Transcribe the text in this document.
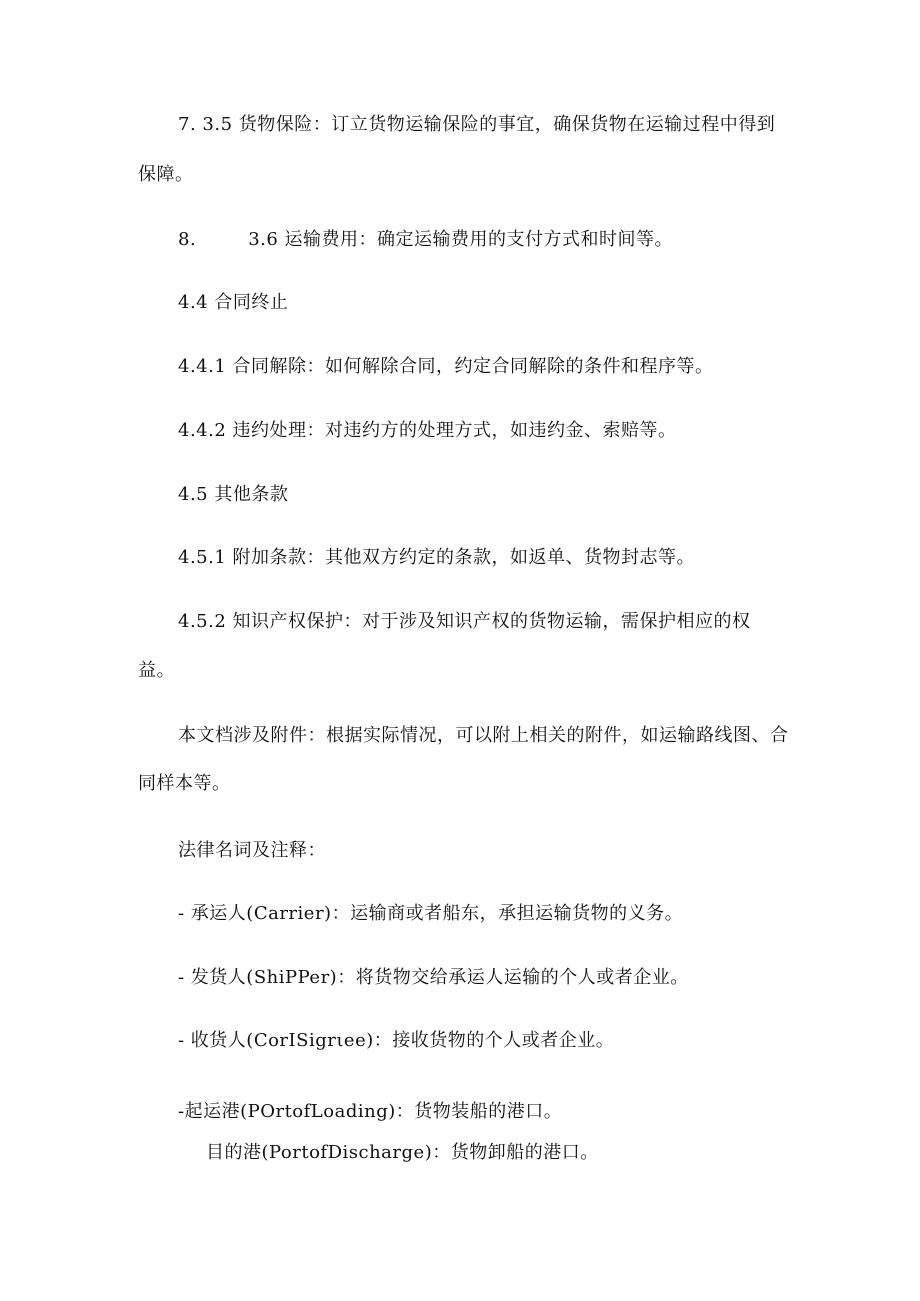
7. 3.5 货物保险：订立货物运输保险的事宜，确保货物在运输过程中得到
保障。
8.	3.6 运输费用：确定运输费用的支付方式和时间等。
4.4 合同终止
4.4.1 合同解除：如何解除合同，约定合同解除的条件和程序等。
4.4.2 违约处理：对违约方的处理方式，如违约金、索赔等。
4.5 其他条款
4.5.1 附加条款：其他双方约定的条款，如返单、货物封志等。
4.5.2 知识产权保护：对于涉及知识产权的货物运输，需保护相应的权
益。
本文档涉及附件：根据实际情况，可以附上相关的附件，如运输路线图、合
同样本等。
法律名词及注释：
- 承运人(Carrier)：运输商或者船东，承担运输货物的义务。
- 发货人(ShiPPer)：将货物交给承运人运输的个人或者企业。
- 收货人(CorISigrιee)：接收货物的个人或者企业。
-起运港(POrtofLoading)：货物装船的港口。
目的港(PortofDischarge)：货物卸船的港口。
